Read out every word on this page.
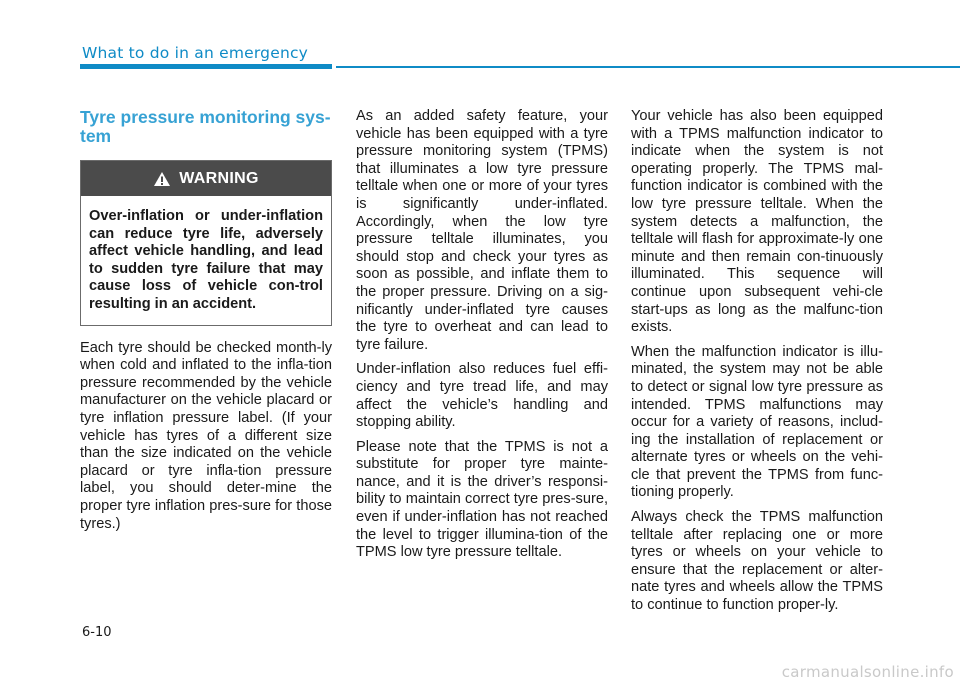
What to do in an emergency
Tyre pressure monitoring sys-tem
WARNING
Over-inflation or under-inflation can reduce tyre life, adversely affect vehicle handling, and lead to sudden tyre failure that may cause loss of vehicle con-trol resulting in an accident.

Each tyre should be checked month-ly when cold and inflated to the infla-tion pressure recommended by the vehicle manufacturer on the vehicle placard or tyre inflation pressure label. (If your vehicle has tyres of a different size than the size indicated on the vehicle placard or tyre infla-tion pressure label, you should deter-mine the proper tyre inflation pres-sure for those tyres.)

As an added safety feature, your vehicle has been equipped with a tyre pressure monitoring system (TPMS) that illuminates a low tyre pressure telltale when one or more of your tyres is significantly under-inflated. Accordingly, when the low tyre pressure telltale illuminates, you should stop and check your tyres as soon as possible, and inflate them to the proper pressure. Driving on a sig-nificantly under-inflated tyre causes the tyre to overheat and can lead to tyre failure.

Under-inflation also reduces fuel effi-ciency and tyre tread life, and may affect the vehicle’s handling and stopping ability.

Please note that the TPMS is not a substitute for proper tyre mainte-nance, and it is the driver’s responsi-bility to maintain correct tyre pres-sure, even if under-inflation has not reached the level to trigger illumina-tion of the TPMS low tyre pressure telltale.

Your vehicle has also been equipped with a TPMS malfunction indicator to indicate when the system is not operating properly. The TPMS mal-function indicator is combined with the low tyre pressure telltale. When the system detects a malfunction, the telltale will flash for approximate-ly one minute and then remain con-tinuously illuminated. This sequence will continue upon subsequent vehi-cle start-ups as long as the malfunc-tion exists.

When the malfunction indicator is illu-minated, the system may not be able to detect or signal low tyre pressure as intended. TPMS malfunctions may occur for a variety of reasons, includ-ing the installation of replacement or alternate tyres or wheels on the vehi-cle that prevent the TPMS from func-tioning properly.

Always check the TPMS malfunction telltale after replacing one or more tyres or wheels on your vehicle to ensure that the replacement or alter-nate tyres and wheels allow the TPMS to continue to function proper-ly.

6-10
carmanualsonline.info
